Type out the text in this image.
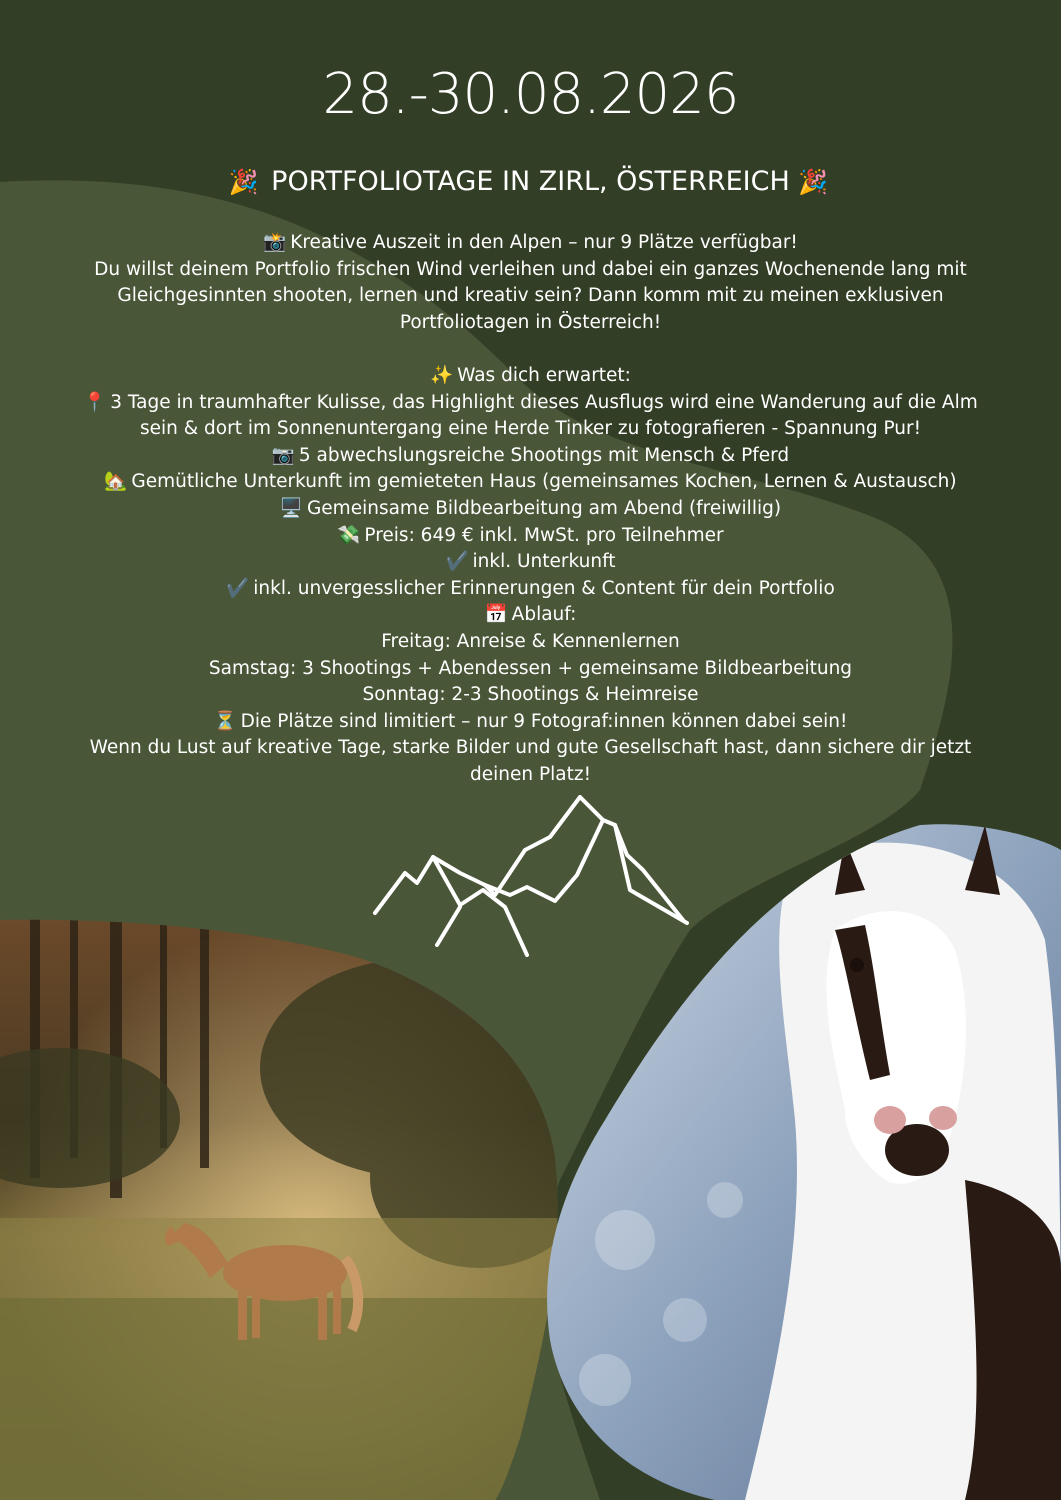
28.-30.08.2026
🎉 PORTFOLIOTAGE IN ZIRL, ÖSTERREICH 🎉
📸 Kreative Auszeit in den Alpen – nur 9 Plätze verfügbar!
Du willst deinem Portfolio frischen Wind verleihen und dabei ein ganzes Wochenende lang mit
Gleichgesinnten shooten, lernen und kreativ sein? Dann komm mit zu meinen exklusiven
Portfoliotagen in Österreich!
✨ Was dich erwartet:
📍 3 Tage in traumhafter Kulisse, das Highlight dieses Ausflugs wird eine Wanderung auf die Alm
sein & dort im Sonnenuntergang eine Herde Tinker zu fotografieren - Spannung Pur!
📷 5 abwechslungsreiche Shootings mit Mensch & Pferd
🏡 Gemütliche Unterkunft im gemieteten Haus (gemeinsames Kochen, Lernen & Austausch)
🖥️ Gemeinsame Bildbearbeitung am Abend (freiwillig)
💸 Preis: 649 € inkl. MwSt. pro Teilnehmer
✔️ inkl. Unterkunft
✔️ inkl. unvergesslicher Erinnerungen & Content für dein Portfolio
📅 Ablauf:
Freitag: Anreise & Kennenlernen
Samstag: 3 Shootings + Abendessen + gemeinsame Bildbearbeitung
Sonntag: 2-3 Shootings & Heimreise
⏳ Die Plätze sind limitiert – nur 9 Fotograf:innen können dabei sein!
Wenn du Lust auf kreative Tage, starke Bilder und gute Gesellschaft hast, dann sichere dir jetzt
deinen Platz!
